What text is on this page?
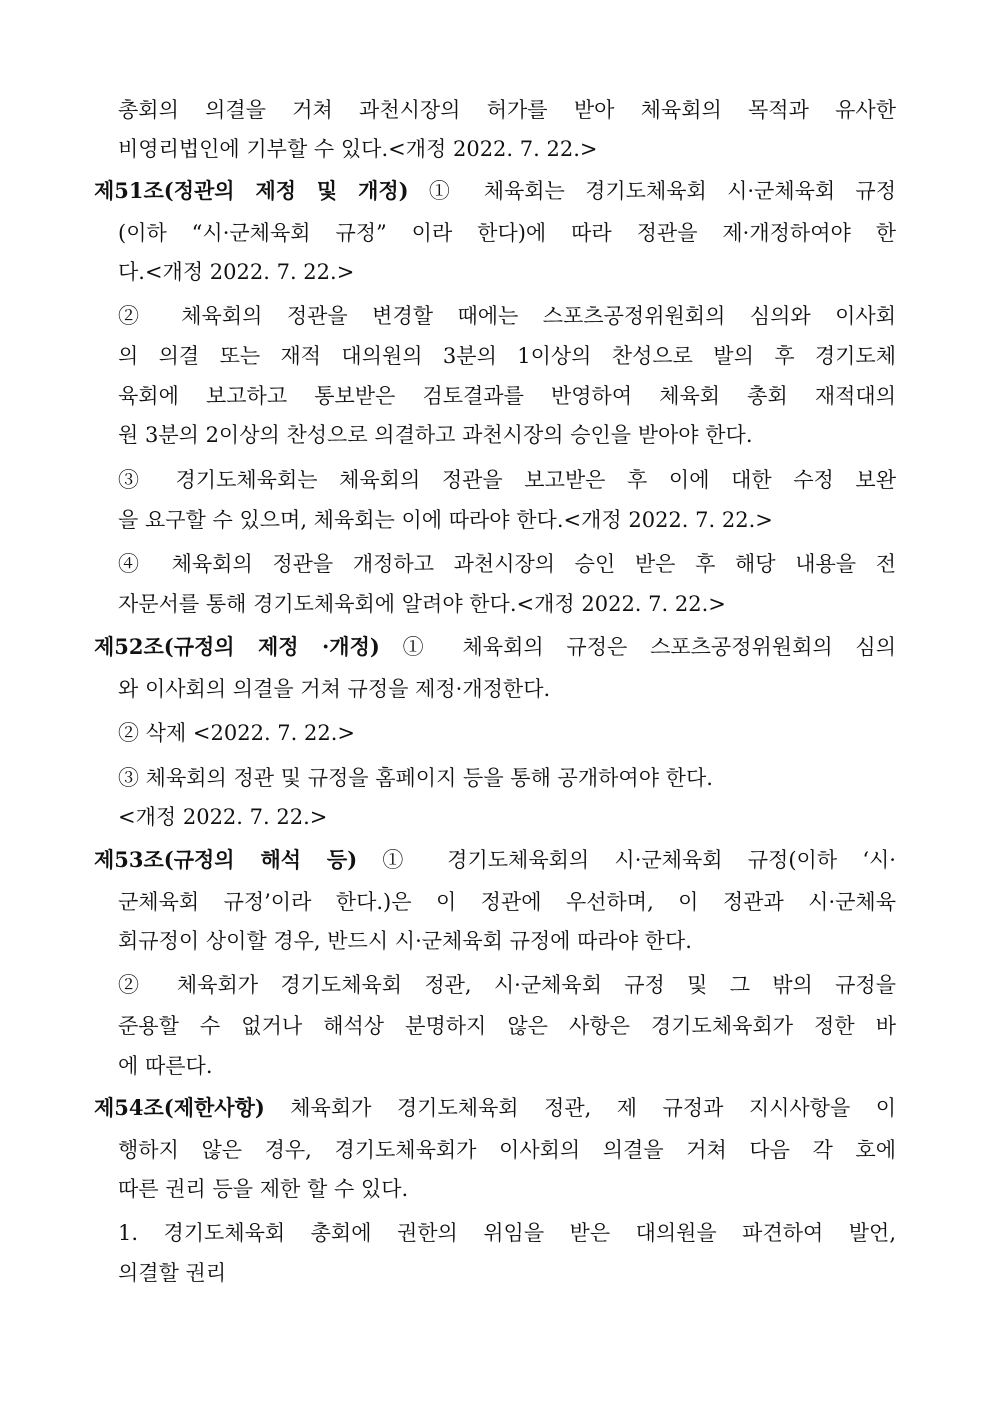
총회의 의결을 거쳐 과천시장의 허가를 받아 체육회의 목적과 유사한
비영리법인에 기부할 수 있다.<개정 2022. 7. 22.>
제51조(정관의 제정 및 개정) ① 체육회는 경기도체육회 시·군체육회 규정
(이하 “시·군체육회 규정” 이라 한다)에 따라 정관을 제·개정하여야 한
다.<개정 2022. 7. 22.>
② 체육회의 정관을 변경할 때에는 스포츠공정위원회의 심의와 이사회
의 의결 또는 재적 대의원의 3분의 1이상의 찬성으로 발의 후 경기도체
육회에 보고하고 통보받은 검토결과를 반영하여 체육회 총회 재적대의
원 3분의 2이상의 찬성으로 의결하고 과천시장의 승인을 받아야 한다.
③ 경기도체육회는 체육회의 정관을 보고받은 후 이에 대한 수정 보완
을 요구할 수 있으며, 체육회는 이에 따라야 한다.<개정 2022. 7. 22.>
④ 체육회의 정관을 개정하고 과천시장의 승인 받은 후 해당 내용을 전
자문서를 통해 경기도체육회에 알려야 한다.<개정 2022. 7. 22.>
제52조(규정의 제정 ·개정) ① 체육회의 규정은 스포츠공정위원회의 심의
와 이사회의 의결을 거쳐 규정을 제정·개정한다.
② 삭제 <2022. 7. 22.>
③ 체육회의 정관 및 규정을 홈페이지 등을 통해 공개하여야 한다.
<개정 2022. 7. 22.>
제53조(규정의 해석 등) ① 경기도체육회의 시·군체육회 규정(이하 ‘시·
군체육회 규정’이라 한다.)은 이 정관에 우선하며, 이 정관과 시·군체육
회규정이 상이할 경우, 반드시 시·군체육회 규정에 따라야 한다.
② 체육회가 경기도체육회 정관, 시·군체육회 규정 및 그 밖의 규정을
준용할 수 없거나 해석상 분명하지 않은 사항은 경기도체육회가 정한 바
에 따른다.
제54조(제한사항) 체육회가 경기도체육회 정관, 제 규정과 지시사항을 이
행하지 않은 경우, 경기도체육회가 이사회의 의결을 거쳐 다음 각 호에
따른 권리 등을 제한 할 수 있다.
1. 경기도체육회 총회에 권한의 위임을 받은 대의원을 파견하여 발언,
의결할 권리
